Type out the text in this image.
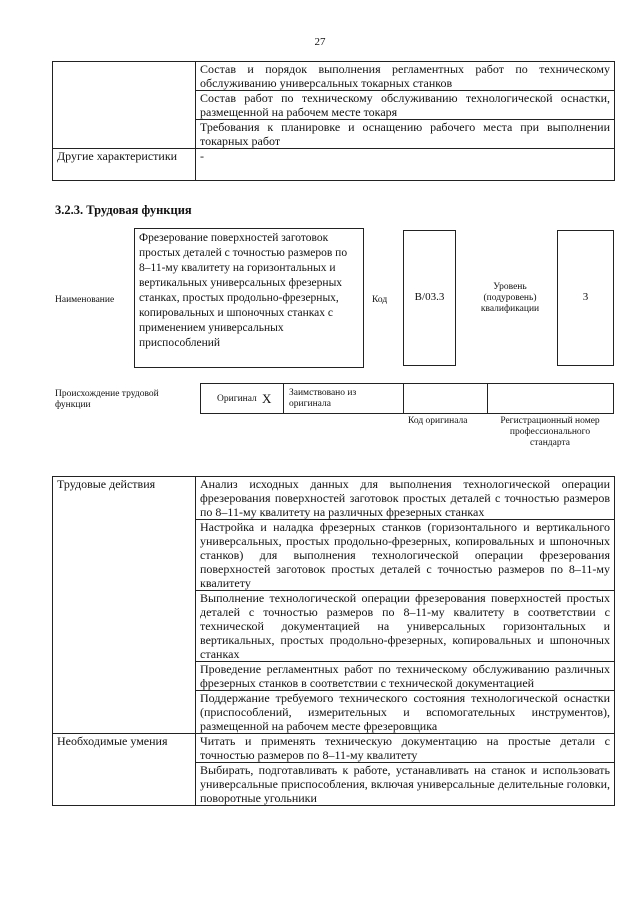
27
	Состав и порядок выполнения регламентных работ по техническому обслуживанию универсальных токарных станков
	Состав работ по техническому обслуживанию технологической оснастки, размещенной на рабочем месте токаря
	Требования к планировке и оснащению рабочего места при выполнении токарных работ
Другие характеристики	-
3.2.3. Трудовая функция
Наименование
Фрезерование поверхностей заготовок простых деталей с точностью размеров по 8–11-му квалитету на горизонтальных и вертикальных универсальных фрезерных станках, простых продольно-фрезерных, копировальных и шпоночных станках с применением универсальных приспособлений
Код	B/03.3
Уровень (подуровень) квалификации
3
Происхождение трудовой функции
Оригинал X Заимствовано из оригинала
Код оригинала	Регистрационный номер профессионального стандарта
Трудовые действия	Анализ исходных данных для выполнения технологической операции фрезерования поверхностей заготовок простых деталей с точностью размеров по 8–11-му квалитету на различных фрезерных станках
	Настройка и наладка фрезерных станков (горизонтального и вертикального универсальных, простых продольно-фрезерных, копировальных и шпоночных станков) для выполнения технологической операции фрезерования поверхностей заготовок простых деталей с точностью размеров по 8–11-му квалитету
	Выполнение технологической операции фрезерования поверхностей простых деталей с точностью размеров по 8–11-му квалитету в соответствии с технической документацией на универсальных горизонтальных и вертикальных, простых продольно-фрезерных, копировальных и шпоночных станках
	Проведение регламентных работ по техническому обслуживанию различных фрезерных станков в соответствии с технической документацией
	Поддержание требуемого технического состояния технологической оснастки (приспособлений, измерительных и вспомогательных инструментов), размещенной на рабочем месте фрезеровщика
Необходимые умения	Читать и применять техническую документацию на простые детали с точностью размеров по 8–11-му квалитету
	Выбирать, подготавливать к работе, устанавливать на станок и использовать универсальные приспособления, включая универсальные делительные головки, поворотные угольники
